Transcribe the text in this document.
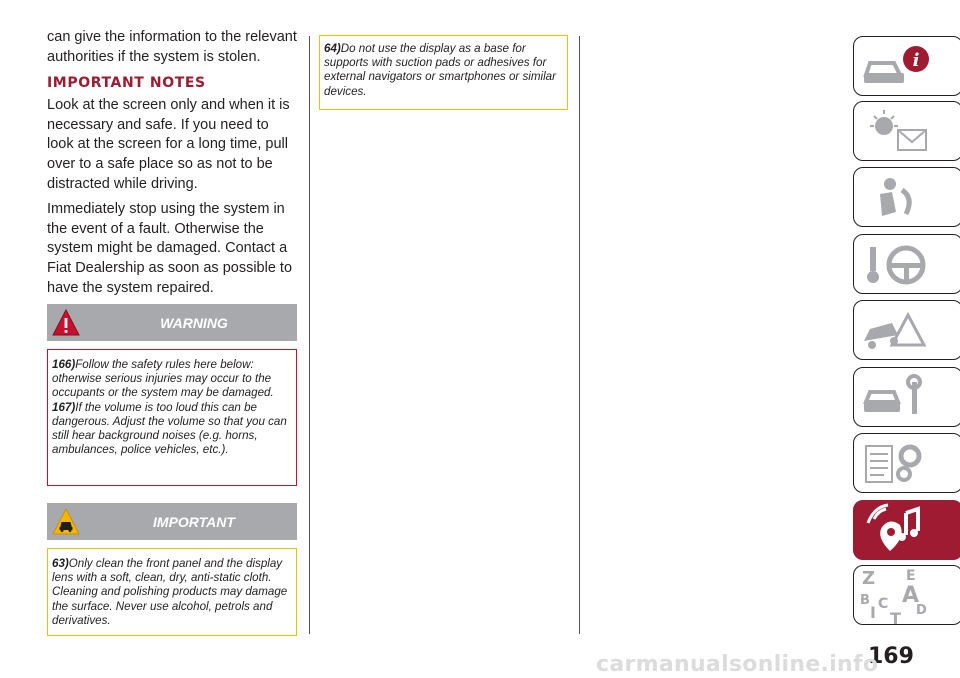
can give the information to the relevant authorities if the system is stolen.

IMPORTANT NOTES

Look at the screen only and when it is necessary and safe. If you need to look at the screen for a long time, pull over to a safe place so as not to be distracted while driving.

Immediately stop using the system in the event of a fault. Otherwise the system might be damaged. Contact a Fiat Dealership as soon as possible to have the system repaired.

WARNING

166)Follow the safety rules here below: otherwise serious injuries may occur to the occupants or the system may be damaged.

167)If the volume is too loud this can be dangerous. Adjust the volume so that you can still hear background noises (e.g. horns, ambulances, police vehicles, etc.).

IMPORTANT

63)Only clean the front panel and the display lens with a soft, clean, dry, anti-static cloth. Cleaning and polishing products may damage the surface. Never use alcohol, petrols and derivatives.

64)Do not use the display as a base for supports with suction pads or adhesives for external navigators or smartphones or similar devices.

i
Z E
B A
C D
I T
169
carmanualsonline.info
